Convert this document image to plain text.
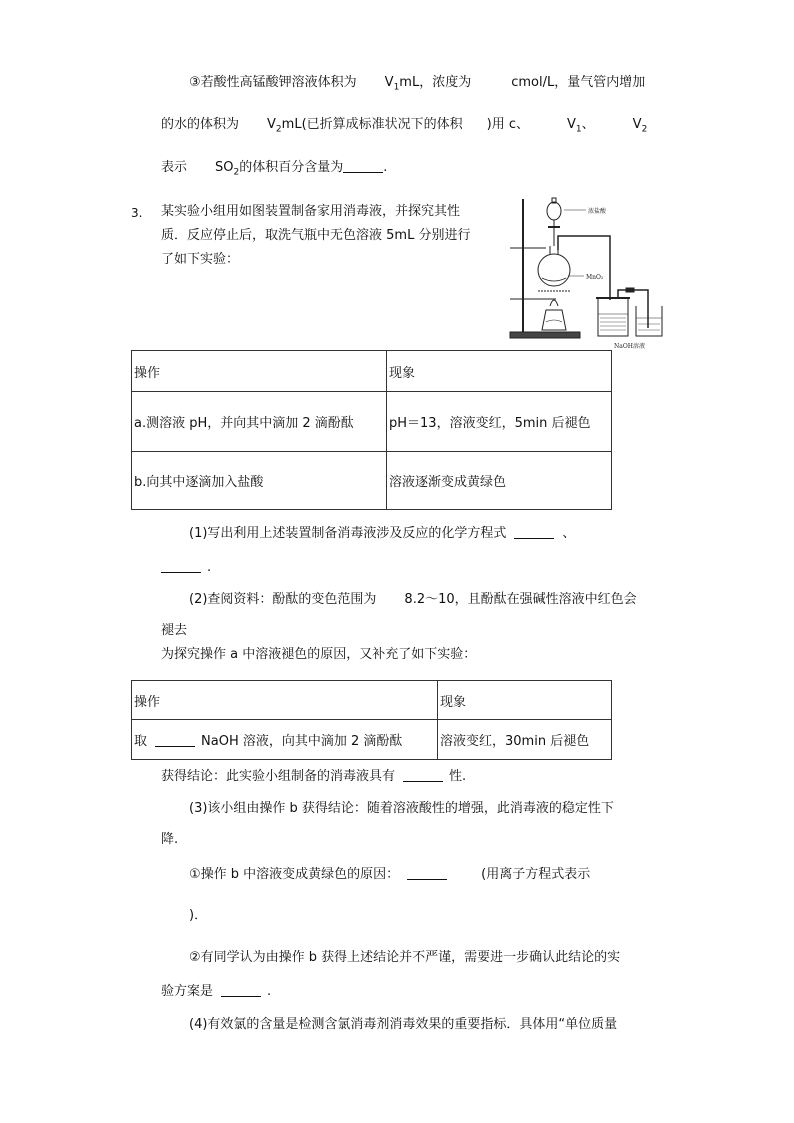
③若酸性高锰酸钾溶液体积为 $V_1mL$，浓度为	cmol/L，量气管内增加
的水的体积为 $V_2mL$(已折算成标准状况下的体积 )用 c、	$V_1$、	$V_2$
表示 $SO_2$的体积百分含量为	.
3. 某实验小组用如图装置制备家用消毒液，并探究其性
质．反应停止后，取洗气瓶中无色溶液 5mL 分别进行
了如下实验：
浓盐酸
MnO₂
NaOH溶液
操作	现象
a.测溶液 pH，并向其中滴加 2 滴酚酞	pH＝13，溶液变红，5min 后褪色
b.向其中逐滴加入盐酸	溶液逐渐变成黄绿色
(1)写出利用上述装置制备消毒液涉及反应的化学方程式	、
.
(2)查阅资料：酚酞的变色范围为 8.2～10，且酚酞在强碱性溶液中红色会
褪去
为探究操作 a 中溶液褪色的原因，又补充了如下实验：
操作	现象
取 NaOH 溶液，向其中滴加 2 滴酚酞	溶液变红，30min 后褪色
获得结论：此实验小组制备的消毒液具有	性.
(3)该小组由操作 b 获得结论：随着溶液酸性的增强，此消毒液的稳定性下
降.
①操作 b 中溶液变成黄绿色的原因：	(用离子方程式表示
)．
②有同学认为由操作 b 获得上述结论并不严谨，需要进一步确认此结论的实
验方案是	.
(4)有效氯的含量是检测含氯消毒剂消毒效果的重要指标．具体用“单位质量
